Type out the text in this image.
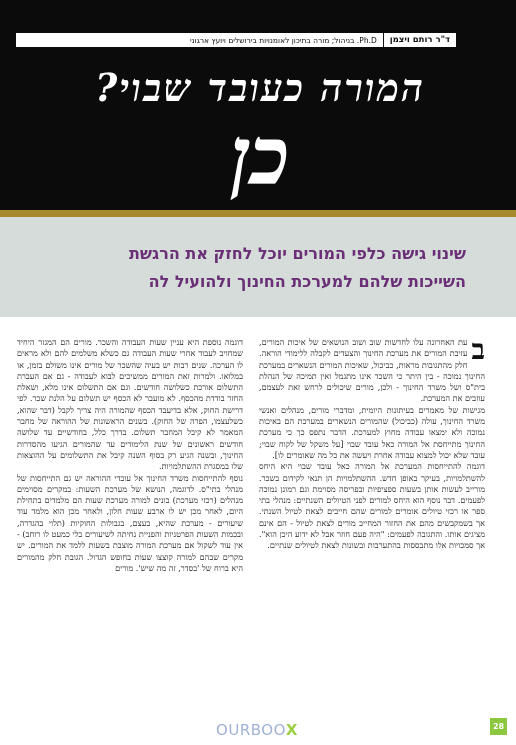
ד"ר רותם ויצמן
Ph.D. בניהול; מורה בתיכון לאומנויות בירושלים ויועץ ארגוני
המורה כעובד שבוי?
כן
שינוי גישה כלפי המורים יוכל לחזק את הרגשת
השייכות שלהם למערכת החינוך ולהועיל לה
ב

עת האחרונה עלו לחדשות שוב ושוב הנושאים של איכות המורים, עזיבת המורים את מערכת החינוך והצעדים לקבלה ללימודי הוראה. חלק מהתגובות מראות, כביכול, שאיכות המורים הנשארים במערכת החינוך נמוכה - בין היתר כי השכר אינו מתגמל ואין תמיכה של הנהלת בית"ס ושל משרד החינוך - ולכן, מורים שיכולים לרחש זאת לעצמם, עוזבים את המערכת.

מגישות של מאמרים בעיתונות היומית, ומדברי מורים, מנהלים ואנשי משרד החינוך, עולה (כביכול) שהמורים הנשארים במערכת הם באיכות נמוכה ולא ימצאו עבודה מחוץ למערכת. הדבר נתפס כך כי מערכת החינוך מתייחסת אל המורה כאל עובד שבוי [על משקל של לקוח שבוי; עובד שלא יכול למצוא עבודה אחרת ויעשה את כל מה שאומרים לו].

דוגמה להתייחסות המערכת אל המורה כאל עובד שבוי היא היחס להשתלמויות, בעיקר באופן חדש. ההשתלמויות הן תנאי לקידום בשכר. מורייב לעשות אותן בשעות ספציפיות ובפריסה מסוימת וגם רמונן נמוכה לפעמים. דבר נוסף הוא היחס למורים לפני הטיולים השנתיים: מנהלי בתי ספר או רכזי טיולים אומרים למורים שהם חייבים לצאת לטיול השנתי. אך בשמקבשים מהם את החזור המחייב מורים לצאת לטיול - הם אינם מציגים אותו. והתגובה לפעמים: "היה פעם חוזר אבל לא ידוע היכן הוא". אך סמכויות אלו מתבססות בהתערבות ובשונות לצאת לטיולים שנתיים.

דוגמה נוספת היא עניין שעות העבודה והשכר. מורים הם המגזר היחיד שמחויב לעבוד אחרי שעות העבודה גם כשלא משלמים להם ולא מראים לו הערכה. שנים רבות יש בעיה שהשכר של מורים אינו משולם בזמן, או במלואו. ולמרות זאת המורים ממשיכים לבוא לעבודה - גם אם העברת התשלום אורכת כשלושה חודשים. וגם אם התשלום אינו מלא, ושאלת החזר בודדת מהכסף. לא מועבר לא הכסף יש תשלום על הלנת שכר. לפי דרישת החוק, אלא בדיעבד הכסף שהמורה היה צריך לקבל (דבר שהוא, כשלעצמו, הפרה של החוק). בשנים הראשונות של ההוראה של מחבר המאמר לא קיבל המחבר תשלום. בדרך כלל, בחודשיים עד שלושה חודשים ראשונים של שנת הלימודים עד שהמורים הגיעו מהסדרות החינוך, ובשנה הגיע רק בסוף השנה קיבל את התשלומים על ההוצאות שלו במסגרת ההשתלמויות.

נוסף להתייחסות משרד החינוך אל עובדי ההוראה יש גם התייחסות של מנהלי בתי"ס. לדוגמה, הנושא של מערכת השעות: במקרים מסוימים מנהלים (רכזי מערכת) בונים למורה מערכת שעות הם מלמדים בתחילת היום, לאחר מכן יש לו ארבע שעות חלון, ולאחר מכן הוא מלמד עוד שיעורים - מערכת שהיא, בעצם, בגבולות החוקיות (תלוי בהגדרה, ובכמות השעות הפרטניות והפניית נחיתה לשיעורים בלי כמעט לו רוחב) - אין עוד לשקול אם מערכת המורה מוצבת בשעות ללמד את המורים. יש מקרים שבהם למורה קוצצו שעות בחופש הגדול. הגובת חלק מהמורים היא ברוח של 'בסדר, זה מה שיש'. מורים

OURBOOX	28
